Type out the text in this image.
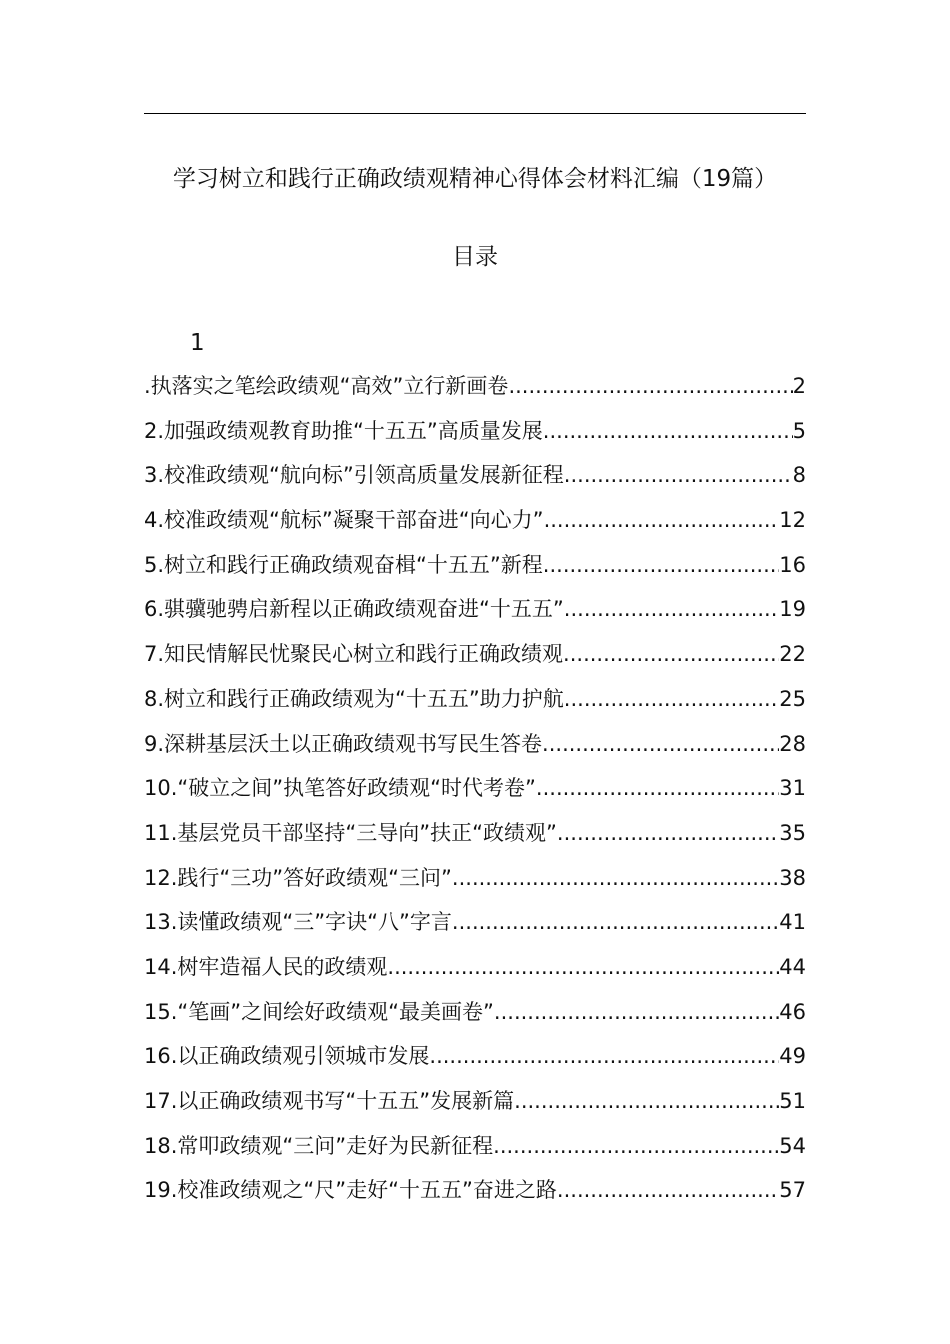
学习树立和践行正确政绩观精神心得体会材料汇编（19篇）
目录
1
.执落实之笔绘政绩观“高效”立行新画卷 .....	2
2.加强政绩观教育助推“十五五”高质量发展 .....	5
3.校准政绩观“航向标”引领高质量发展新征程 .....	8
4.校准政绩观“航标”凝聚干部奋进“向心力” .....	12
5.树立和践行正确政绩观奋楫“十五五”新程 .....	16
6.骐骥驰骋启新程以正确政绩观奋进“十五五” .....	19
7.知民情解民忧聚民心树立和践行正确政绩观 .....	22
8.树立和践行正确政绩观为“十五五”助力护航 .....	25
9.深耕基层沃土以正确政绩观书写民生答卷 .....	28
10.“破立之间”执笔答好政绩观“时代考卷” .....	31
11.基层党员干部坚持“三导向”扶正“政绩观” .....	35
12.践行“三功”答好政绩观“三问” .....	38
13.读懂政绩观“三”字诀“八”字言 .....	41
14.树牢造福人民的政绩观 .....	44
15.“笔画”之间绘好政绩观“最美画卷” .....	46
16.以正确政绩观引领城市发展 .....	49
17.以正确政绩观书写“十五五”发展新篇 .....	51
18.常叩政绩观“三问”走好为民新征程 .....	54
19.校准政绩观之“尺”走好“十五五”奋进之路 .....	57
